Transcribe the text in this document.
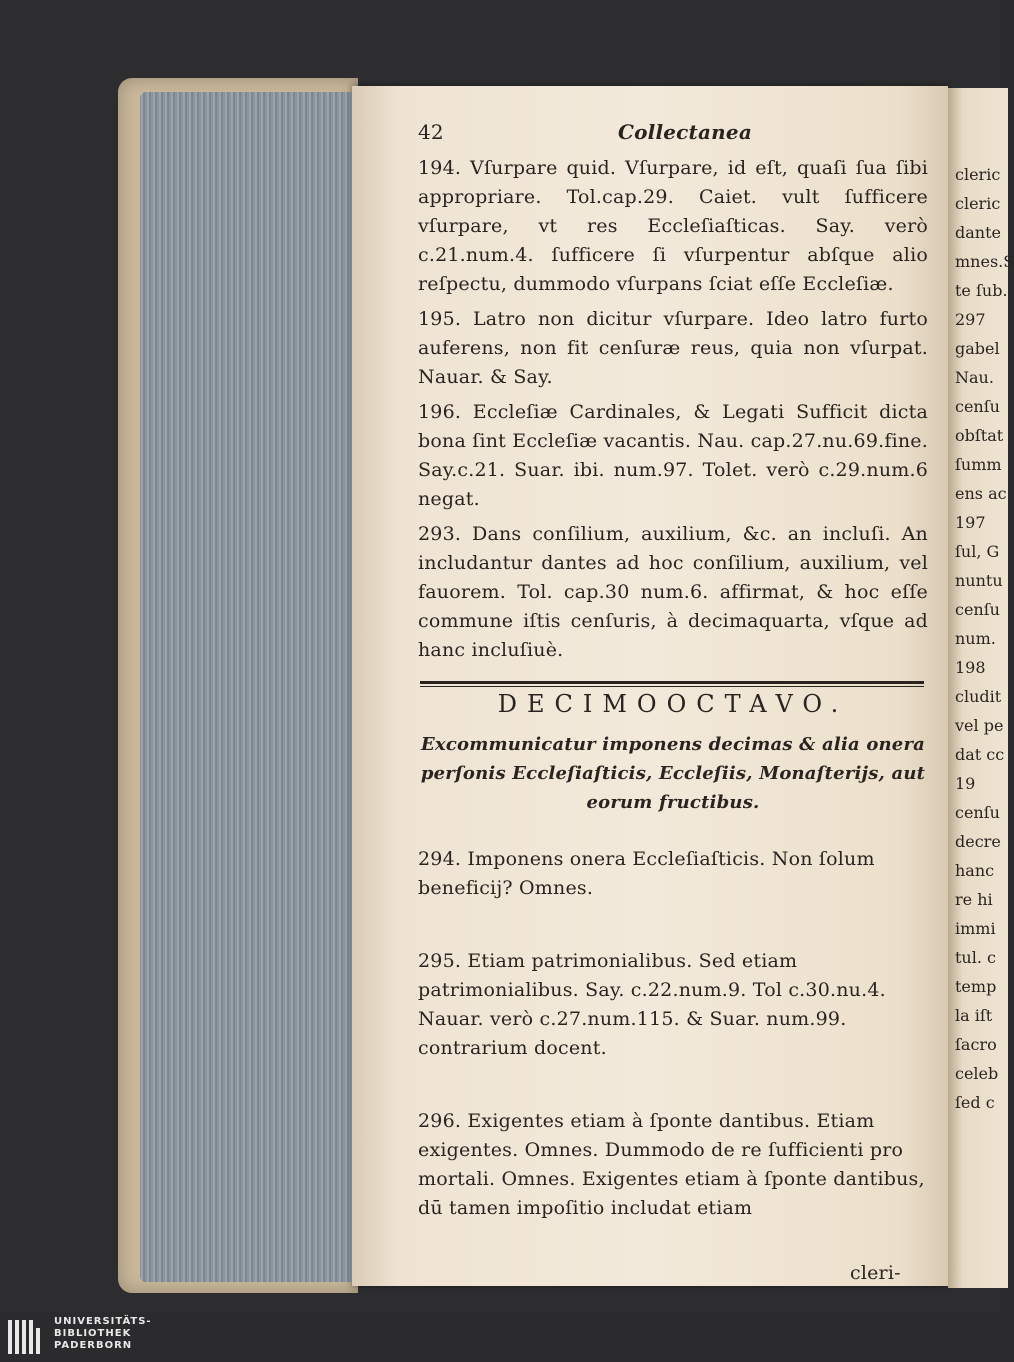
42	Collectanea

194. Vſurpare quid. Vſurpare, id eſt, quaſi ſua ſibi appropriare. Tol.cap.29. Caiet. vult ſufficere vſurpare, vt res Eccleſiaſticas. Say. verò c.21.num.4. ſufficere ſi vſurpentur abſque alio reſpectu, dummodo vſurpans ſciat eſſe Eccleſiæ.

195. Latro non dicitur vſurpare. Ideo latro furto auferens, non fit cenſuræ reus, quia non vſurpat. Nauar. & Say.

196. Eccleſiæ Cardinales, & Legati Sufficit dicta bona ſint Eccleſiæ vacantis. Nau. cap.27.nu.69.fine. Say.c.21. Suar. ibi. num.97. Tolet. verò c.29.num.6 negat.

293. Dans conſilium, auxilium, &c. an incluſi. An includantur dantes ad hoc conſilium, auxilium, vel fauorem. Tol. cap.30 num.6. affirmat, & hoc eſſe commune iſtis cenſuris, à decimaquarta, vſque ad hanc incluſiuè.

DECIMOOCTAVO.
Excommunicatur imponens decimas & alia onera perſonis Eccleſiaſticis, Eccleſiis, Monaſterijs, aut eorum fructibus.

294. Imponens onera Eccleſiaſticis. Non ſolum beneficij? Omnes.

295. Etiam patrimonialibus. Sed etiam patrimonialibus. Say. c.22.num.9. Tol c.30.nu.4. Nauar. verò c.27.num.115. & Suar. num.99. contrarium docent.

296. Exigentes etiam à ſponte dantibus. Etiam exigentes. Omnes. Dummodo de re ſufficienti pro mortali. Omnes. Exigentes etiam à ſponte dantibus, dū tamen impoſitio includat etiam

cleri-
cleric
cleric
dante
mnes.S
te ſub.
297
gabel
Nau.
cenſu
obſtat
ſumm
ens ac
197
ſul, G
nuntu
cenſu
num.
198
cludit
vel pe
dat cc
19
cenſu
decre
hanc
re hi
immi
tul. c
temp
la iſt
ſacro
celeb
ſed c
UNIVERSITÄTS-
BIBLIOTHEK
PADERBORN
